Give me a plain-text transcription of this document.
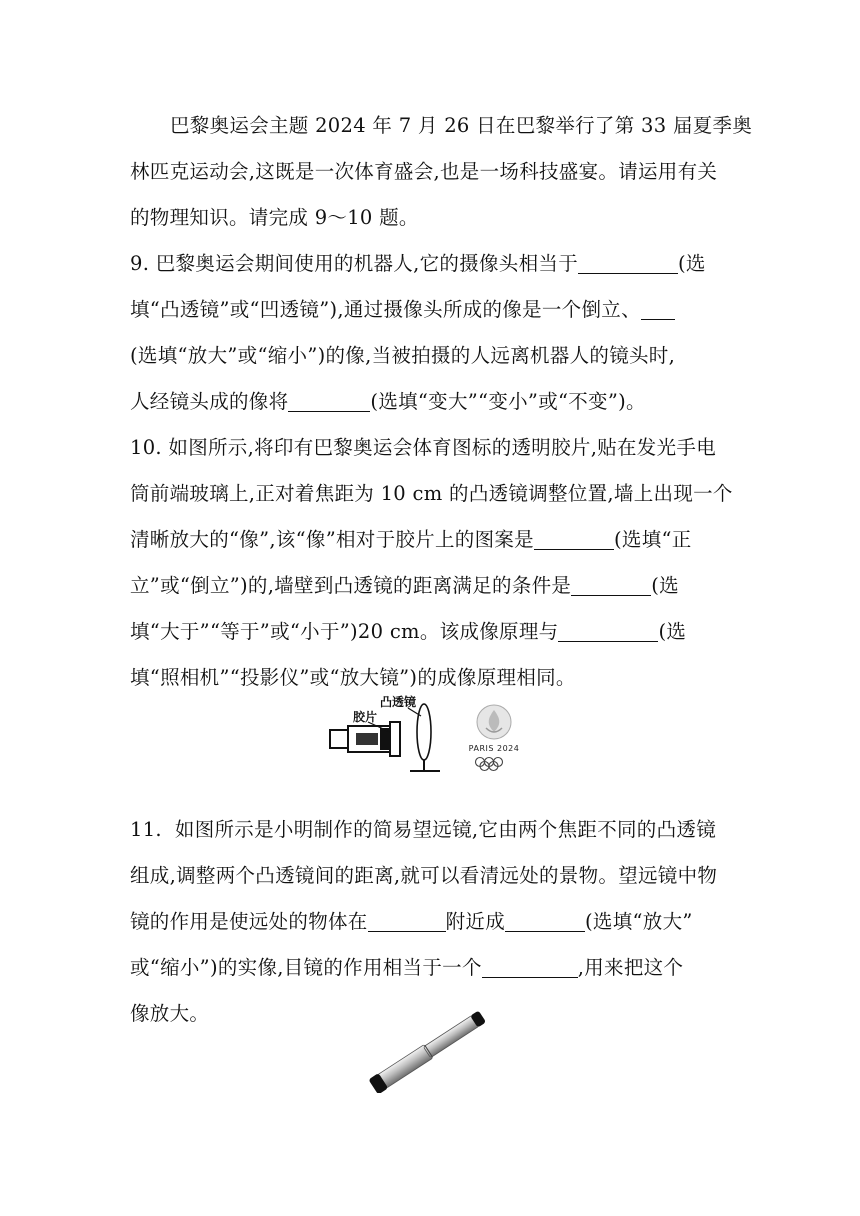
巴黎奥运会主题 2024 年 7 月 26 日在巴黎举行了第 33 届夏季奥
林匹克运动会,这既是一次体育盛会,也是一场科技盛宴。请运用有关
的物理知识。请完成 9～10 题。
9. 巴黎奥运会期间使用的机器人,它的摄像头相当于	(选
填“凸透镜”或“凹透镜”),通过摄像头所成的像是一个倒立、
(选填“放大”或“缩小”)的像,当被拍摄的人远离机器人的镜头时,
人经镜头成的像将	(选填“变大”“变小”或“不变”)。
10. 如图所示,将印有巴黎奥运会体育图标的透明胶片,贴在发光手电
筒前端玻璃上,正对着焦距为 10 cm 的凸透镜调整位置,墙上出现一个
清晰放大的“像”,该“像”相对于胶片上的图案是	(选填“正
立”或“倒立”)的,墙壁到凸透镜的距离满足的条件是	(选
填“大于”“等于”或“小于”)20 cm。该成像原理与	(选
填“照相机”“投影仪”或“放大镜”)的成像原理相同。
胶片
凸透镜
PARIS 2024
11.  如图所示是小明制作的简易望远镜,它由两个焦距不同的凸透镜
组成,调整两个凸透镜间的距离,就可以看清远处的景物。望远镜中物
镜的作用是使远处的物体在	附近成	(选填“放大”
或“缩小”)的实像,目镜的作用相当于一个	,用来把这个
像放大。
